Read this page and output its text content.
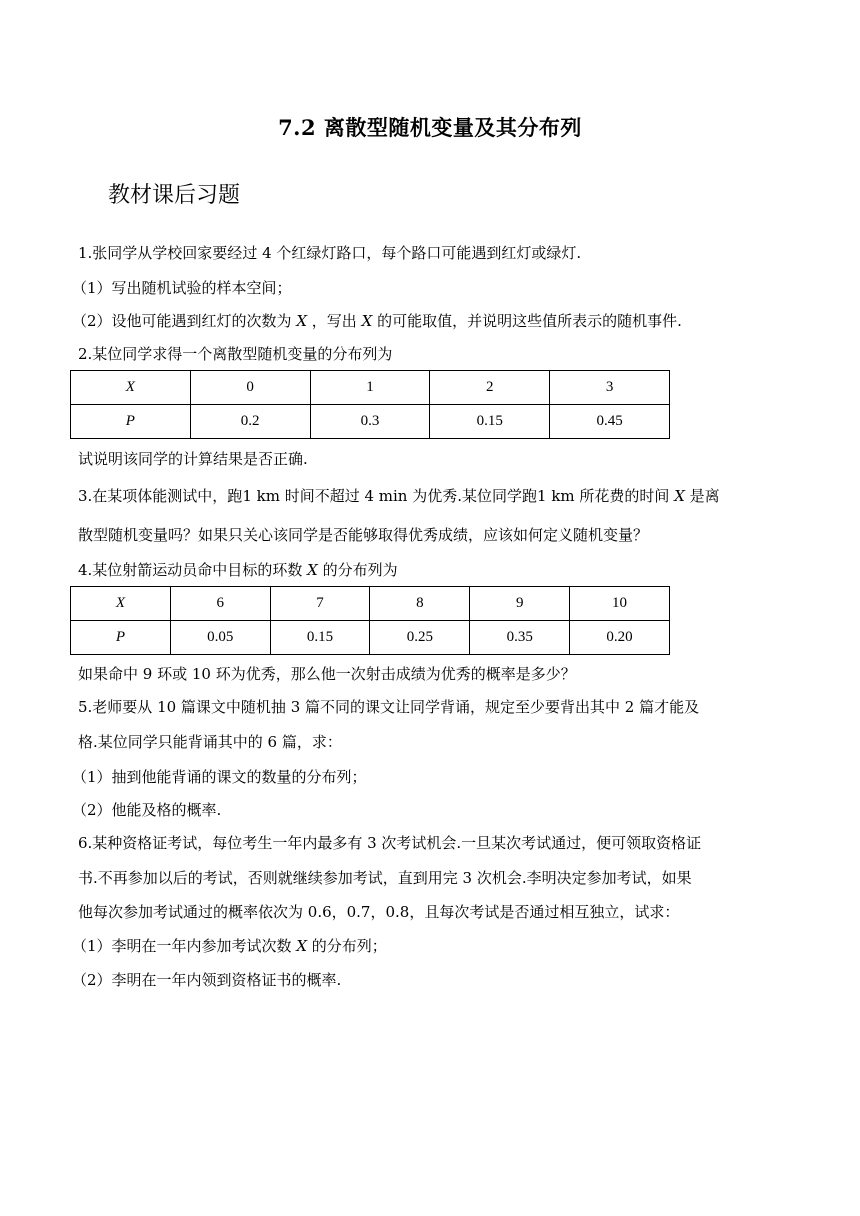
7.2 离散型随机变量及其分布列
教材课后习题
1.张同学从学校回家要经过 4 个红绿灯路口，每个路口可能遇到红灯或绿灯.
（1）写出随机试验的样本空间；
（2）设他可能遇到红灯的次数为 X ，写出 X 的可能取值，并说明这些值所表示的随机事件.
2.某位同学求得一个离散型随机变量的分布列为
X	0	1	2	3
P	0.2	0.3	0.15	0.45
试说明该同学的计算结果是否正确.
3.在某项体能测试中，跑1 km 时间不超过 4 min 为优秀.某位同学跑1 km 所花费的时间 X 是离
散型随机变量吗？如果只关心该同学是否能够取得优秀成绩，应该如何定义随机变量？
4.某位射箭运动员命中目标的环数 X 的分布列为
X	6	7	8	9	10
P	0.05	0.15	0.25	0.35	0.20
如果命中 9 环或 10 环为优秀，那么他一次射击成绩为优秀的概率是多少？
5.老师要从 10 篇课文中随机抽 3 篇不同的课文让同学背诵，规定至少要背出其中 2 篇才能及
格.某位同学只能背诵其中的 6 篇，求：
（1）抽到他能背诵的课文的数量的分布列；
（2）他能及格的概率.
6.某种资格证考试，每位考生一年内最多有 3 次考试机会.一旦某次考试通过，便可领取资格证
书.不再参加以后的考试，否则就继续参加考试，直到用完 3 次机会.李明决定参加考试，如果
他每次参加考试通过的概率依次为 0.6，0.7，0.8，且每次考试是否通过相互独立，试求：
（1）李明在一年内参加考试次数 X 的分布列；
（2）李明在一年内领到资格证书的概率.
